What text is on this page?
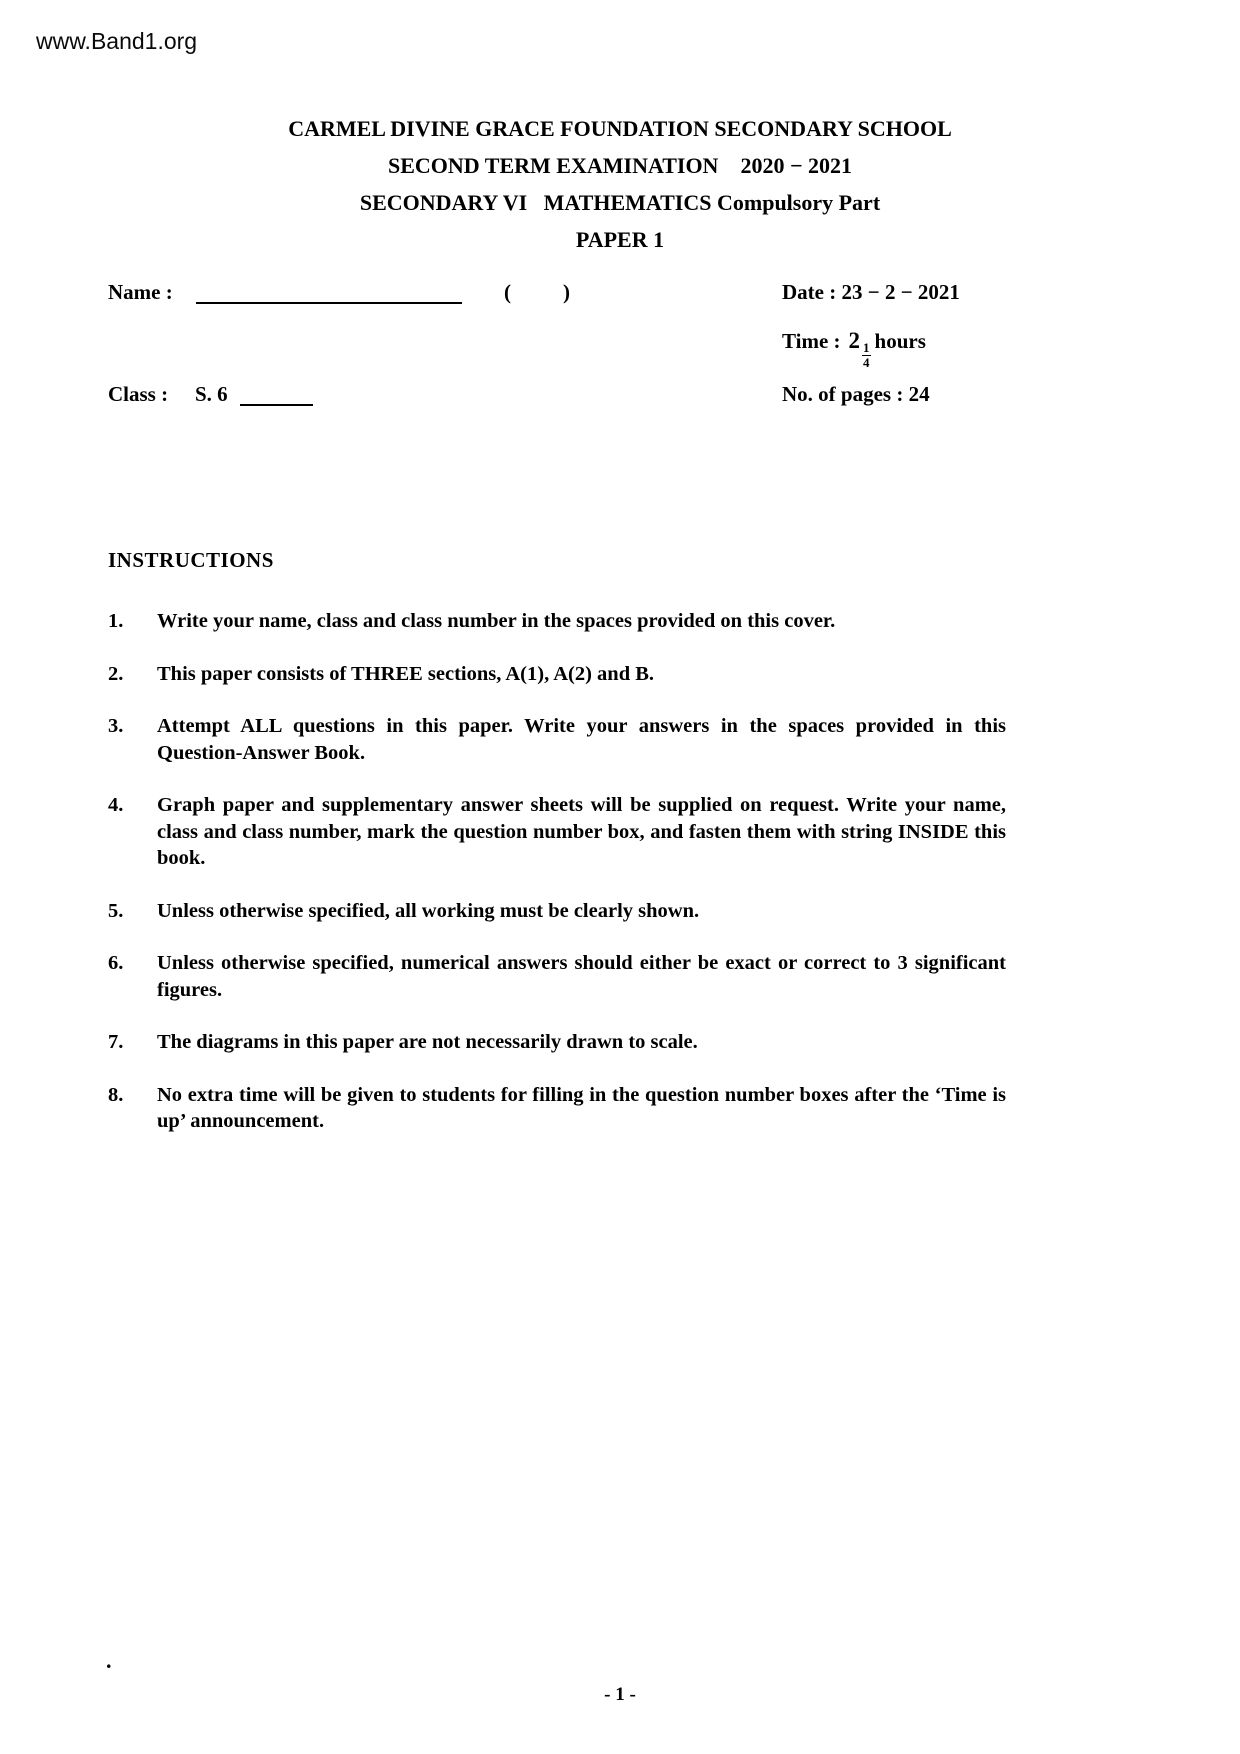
www.Band1.org
CARMEL DIVINE GRACE FOUNDATION SECONDARY SCHOOL
SECOND TERM EXAMINATION    2020 − 2021
SECONDARY VI   MATHEMATICS Compulsory Part
PAPER 1
Name :	( )	Date : 23 − 2 − 2021
Time : 2
$\frac{1}{4}$ hours
Class : S. 6	No. of pages : 24
INSTRUCTIONS
1.	Write your name, class and class number in the spaces provided on this cover.
2.	This paper consists of THREE sections, A(1), A(2) and B.
3.	Attempt ALL questions in this paper. Write your answers in the spaces provided in this Question-Answer Book.
4.	Graph paper and supplementary answer sheets will be supplied on request. Write your name, class and class number, mark the question number box, and fasten them with string INSIDE this book.
5.	Unless otherwise specified, all working must be clearly shown.
6.	Unless otherwise specified, numerical answers should either be exact or correct to 3 significant figures.
7.	The diagrams in this paper are not necessarily drawn to scale.
8.	No extra time will be given to students for filling in the question number boxes after the ‘Time is up’ announcement.
.
- 1 -
